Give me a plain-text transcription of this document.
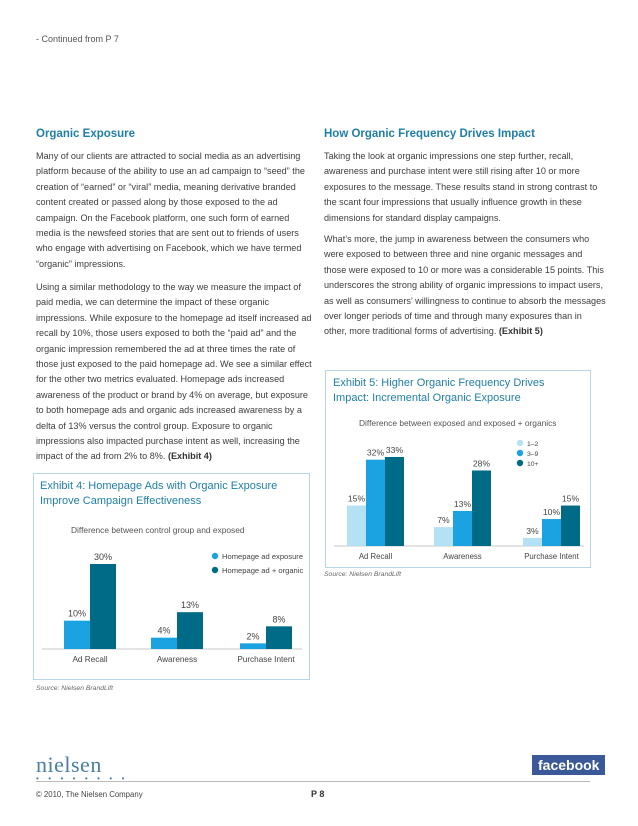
- Continued from P 7
Organic Exposure

Many of our clients are attracted to social media as an advertising platform because of the ability to use an ad campaign to “seed” the creation of “earned” or “viral” media, meaning derivative branded content created or passed along by those exposed to the ad campaign. On the Facebook platform, one such form of earned media is the newsfeed stories that are sent out to friends of users who engage with advertising on Facebook, which we have termed “organic” impressions.

Using a similar methodology to the way we measure the impact of paid media, we can determine the impact of these organic impressions. While exposure to the homepage ad itself increased ad recall by 10%, those users exposed to both the “paid ad” and the organic impression remembered the ad at three times the rate of those just exposed to the paid homepage ad. We see a similar effect for the other two metrics evaluated. Homepage ads increased awareness of the product or brand by 4% on average, but exposure to both homepage ads and organic ads increased awareness by a delta of 13% versus the control group. Exposure to organic impressions also impacted purchase intent as well, increasing the impact of the ad from 2% to 8%. (Exhibit 4)

How Organic Frequency Drives Impact

Taking the look at organic impressions one step further, recall, awareness and purchase intent were still rising after 10 or more exposures to the message. These results stand in strong contrast to the scant four impressions that usually influence growth in these dimensions for standard display campaigns.

What’s more, the jump in awareness between the consumers who were exposed to between three and nine organic messages and those were exposed to 10 or more was a considerable 15 points. This underscores the strong ability of organic impressions to impact users, as well as consumers’ willingness to continue to absorb the messages over longer periods of time and through many exposures than in other, more traditional forms of advertising. (Exhibit 5)

Exhibit 4: Homepage Ads with Organic Exposure
Improve Campaign Effectiveness
Difference between control group and exposed
10%
30%
Ad Recall
4%
13%
Awareness
2%
8%
Purchase Intent
Homepage ad exposure
Homepage ad + organic
Source: Nielsen BrandLift
Exhibit 5: Higher Organic Frequency Drives
Impact: Incremental Organic Exposure
Difference between exposed and exposed + organics
15%
32% 33%
Ad Recall
7%
13%
28%
Awareness
3%
10%
15%
Purchase Intent
1–2
3–9
10+
Source: Nielsen BrandLift
nielsen
• • • • • • • •
facebook
© 2010, The Nielsen Company	P 8
